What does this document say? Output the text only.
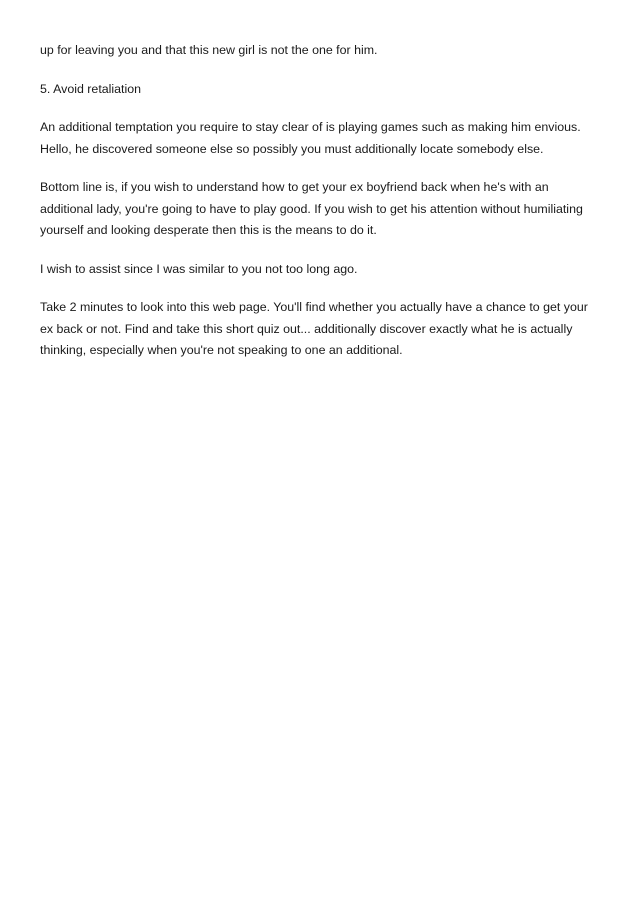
up for leaving you and that this new girl is not the one for him.

5. Avoid retaliation

An additional temptation you require to stay clear of is playing games such as making him envious. Hello, he discovered someone else so possibly you must additionally locate somebody else.

Bottom line is, if you wish to understand how to get your ex boyfriend back when he's with an additional lady, you're going to have to play good. If you wish to get his attention without humiliating yourself and looking desperate then this is the means to do it.

I wish to assist since I was similar to you not too long ago.

Take 2 minutes to look into this web page. You'll find whether you actually have a chance to get your ex back or not. Find and take this short quiz out... additionally discover exactly what he is actually thinking, especially when you're not speaking to one an additional.
